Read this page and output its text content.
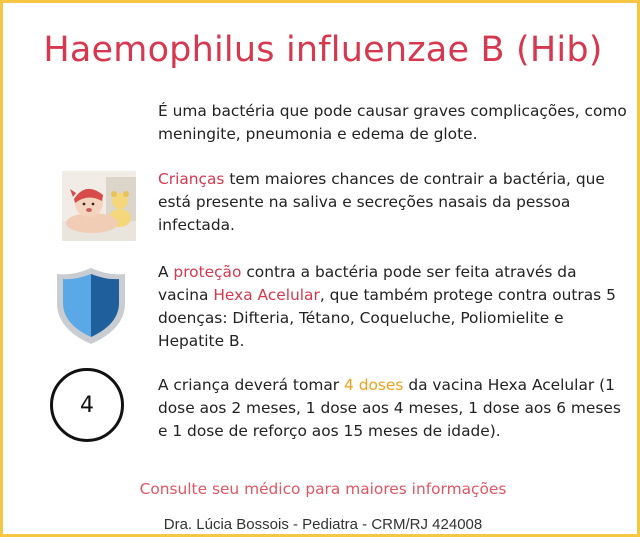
Haemophilus influenzae B (Hib)
É uma bactéria que pode causar graves complicações, como meningite, pneumonia e edema de glote.
Crianças tem maiores chances de contrair a bactéria, que está presente na saliva e secreções nasais da pessoa infectada.
A proteção contra a bactéria pode ser feita através da vacina Hexa Acelular, que também protege contra outras 5 doenças: Difteria, Tétano, Coqueluche, Poliomielite e Hepatite B.
4
A criança deverá tomar 4 doses da vacina Hexa Acelular (1 dose aos 2 meses, 1 dose aos 4 meses, 1 dose aos 6 meses e 1 dose de reforço aos 15 meses de idade).
Consulte seu médico para maiores informações
Dra. Lúcia Bossois - Pediatra - CRM/RJ 424008
